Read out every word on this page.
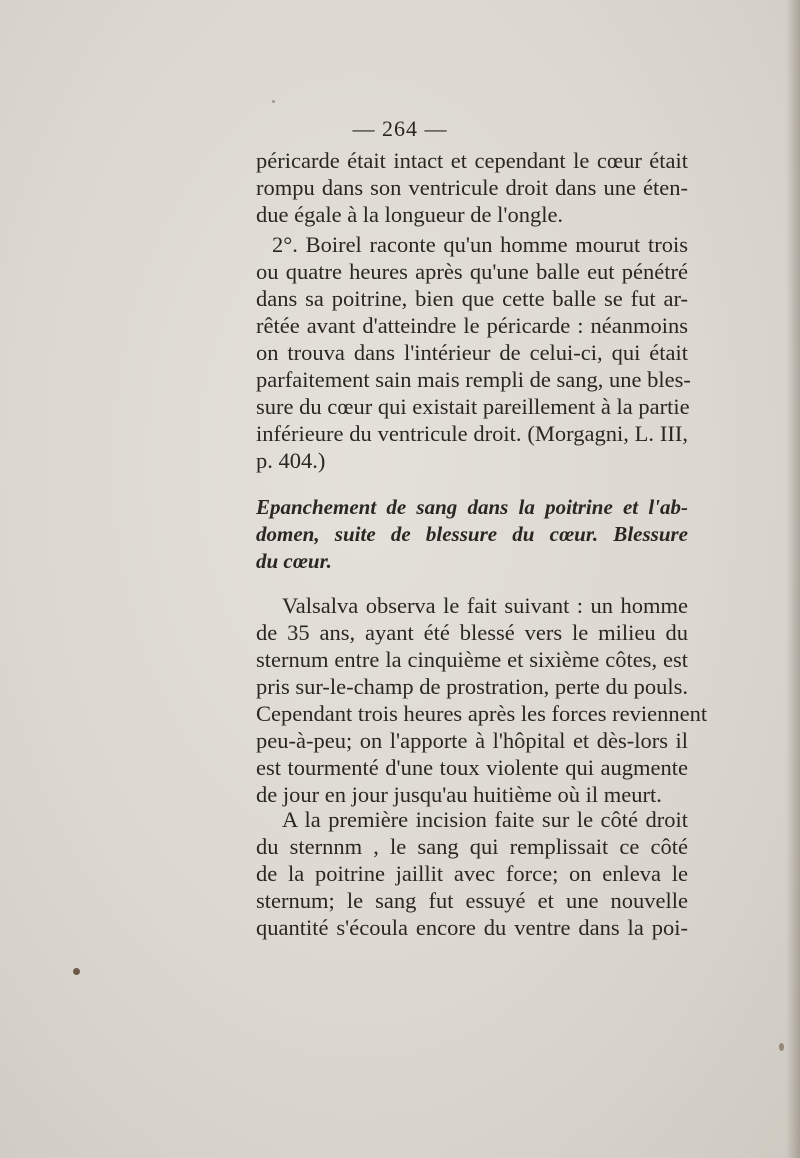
— 264 —
péricarde était intact et cependant le cœur était
rompu dans son ventricule droit dans une éten-
due égale à la longueur de l'ongle.
2°. Boirel raconte qu'un homme mourut trois
ou quatre heures après qu'une balle eut pénétré
dans sa poitrine, bien que cette balle se fut ar-
rêtée avant d'atteindre le péricarde : néanmoins
on trouva dans l'intérieur de celui-ci, qui était
parfaitement sain mais rempli de sang, une bles-
sure du cœur qui existait pareillement à la partie
inférieure du ventricule droit. (Morgagni, L. III,
p. 404.)
Epanchement de sang dans la poitrine et l'ab-
domen, suite de blessure du cœur. Blessure
du cœur.
Valsalva observa le fait suivant : un homme
de 35 ans, ayant été blessé vers le milieu du
sternum entre la cinquième et sixième côtes, est
pris sur-le-champ de prostration, perte du pouls.
Cependant trois heures après les forces reviennent
peu-à-peu; on l'apporte à l'hôpital et dès-lors il
est tourmenté d'une toux violente qui augmente
de jour en jour jusqu'au huitième où il meurt.
A la première incision faite sur le côté droit
du sternnm , le sang qui remplissait ce côté
de la poitrine jaillit avec force; on enleva le
sternum; le sang fut essuyé et une nouvelle
quantité s'écoula encore du ventre dans la poi-
